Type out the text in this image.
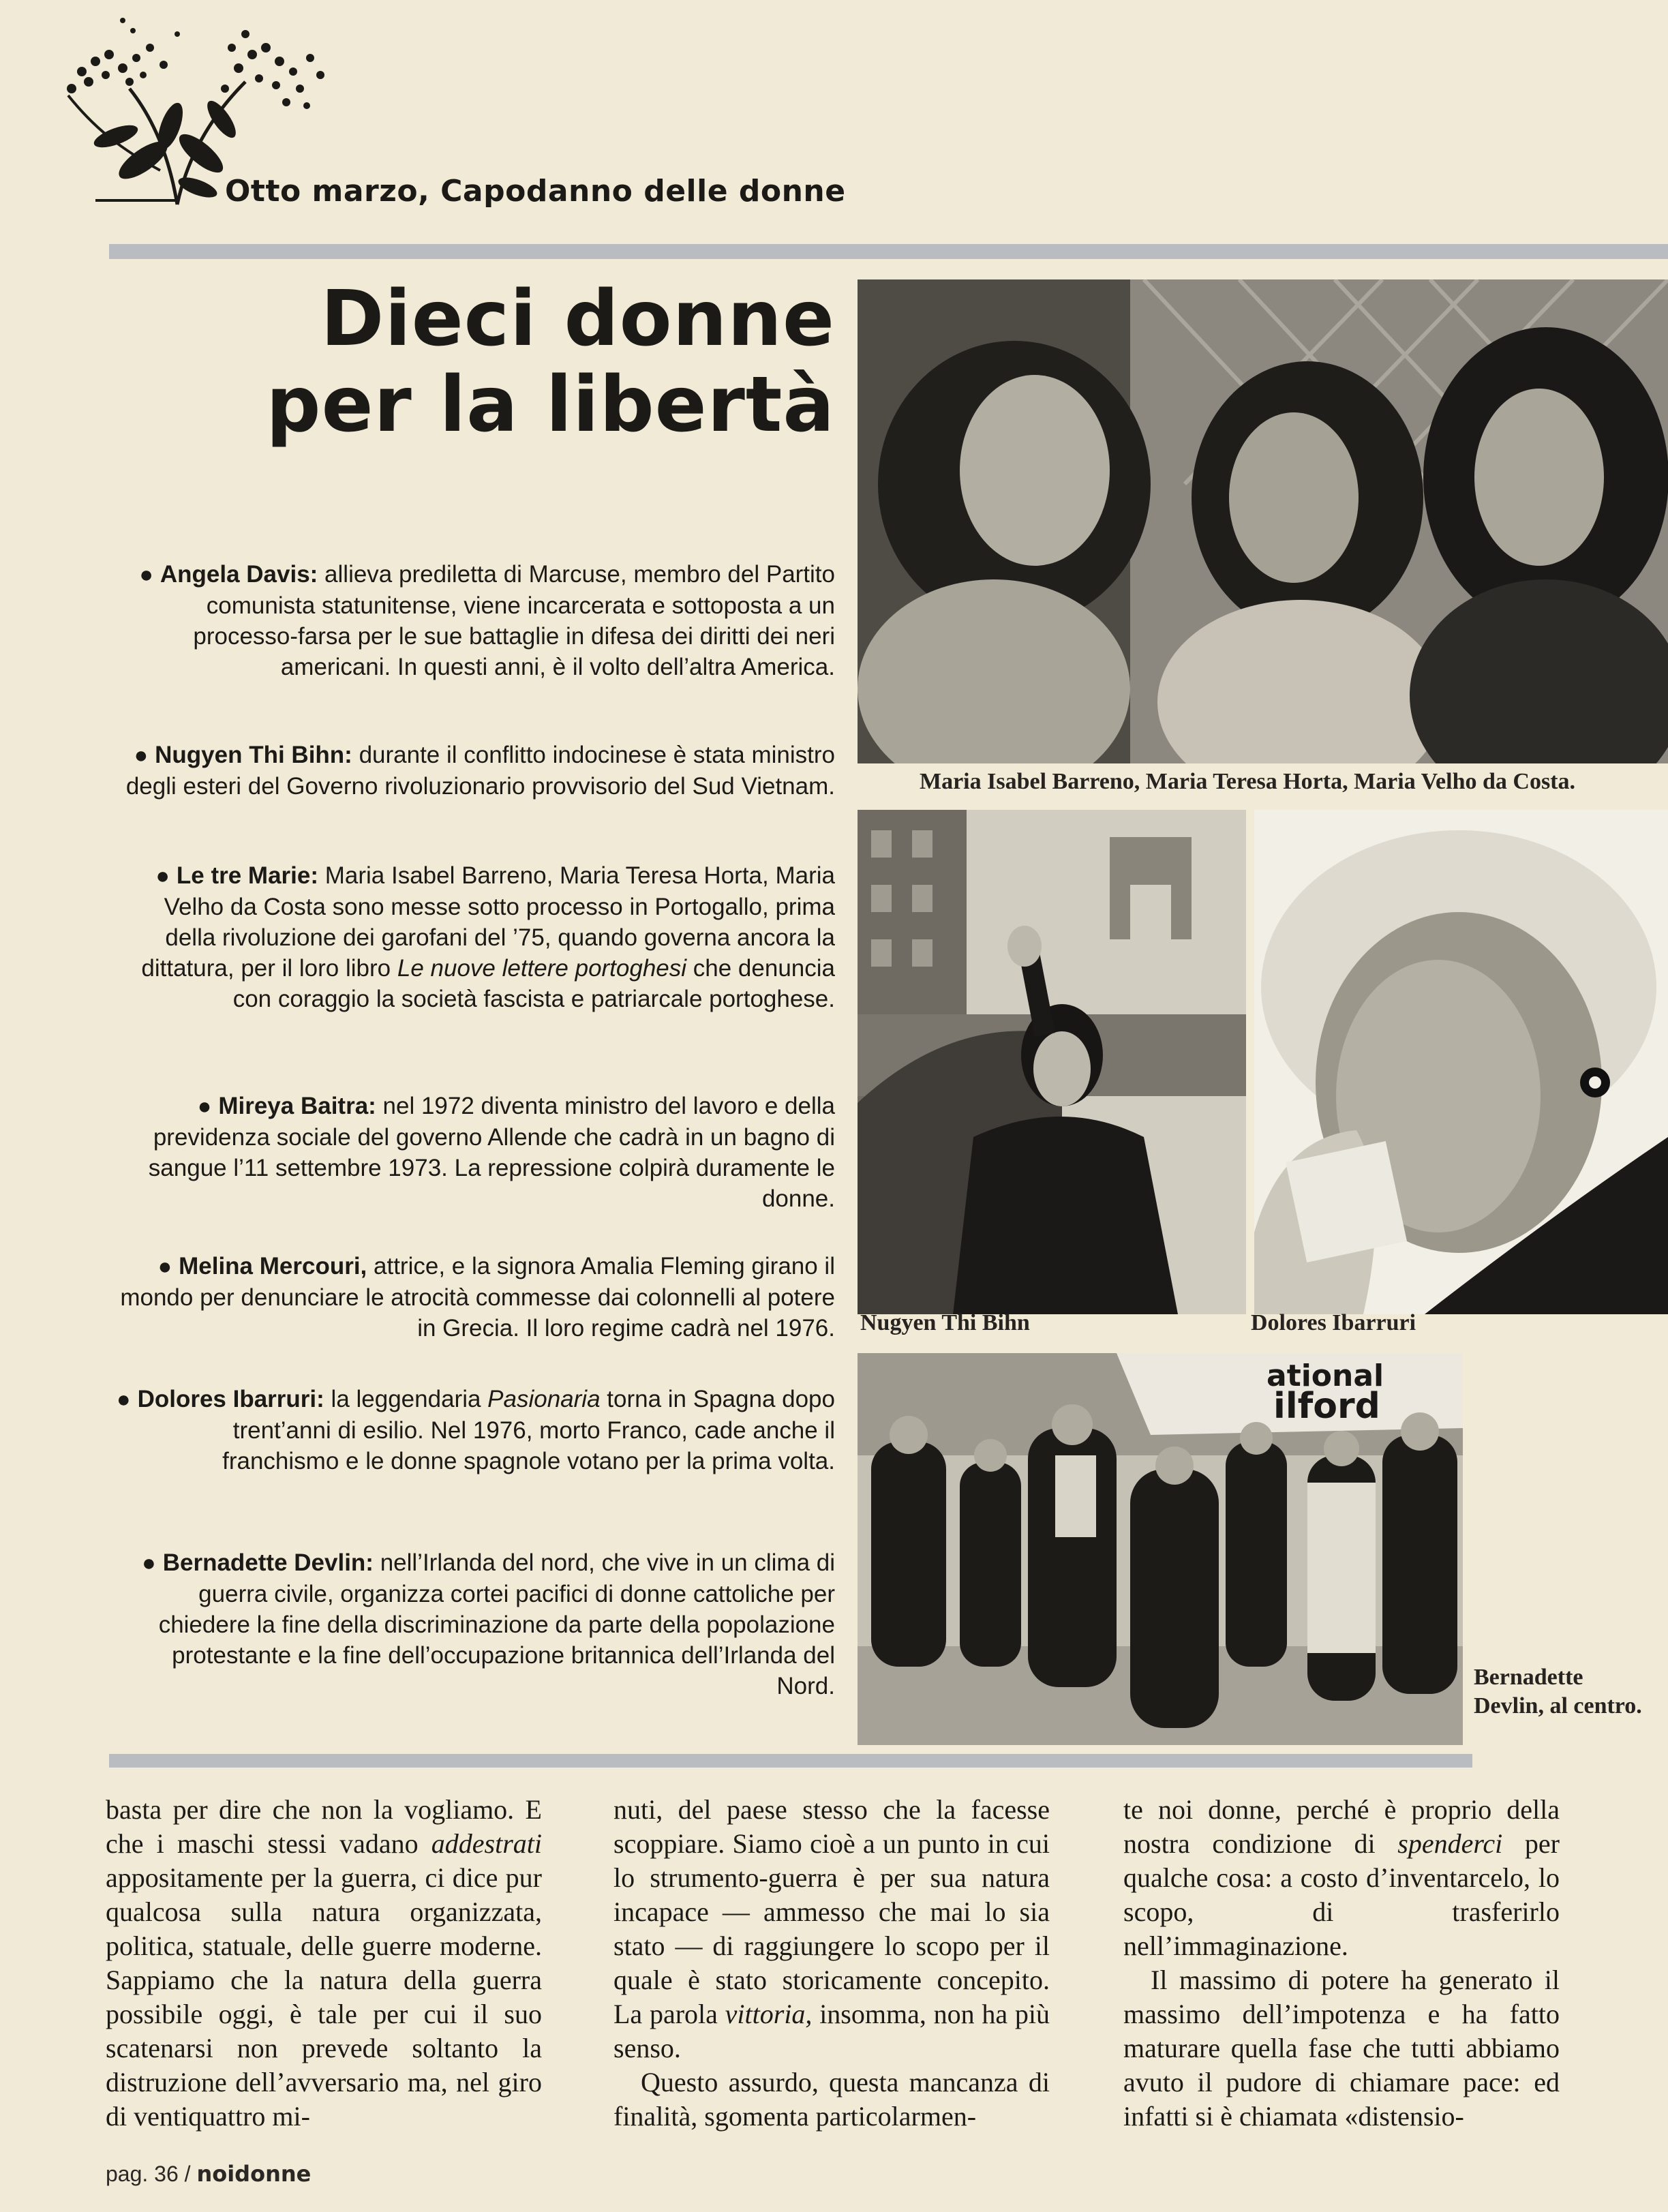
Otto marzo, Capodanno delle donne
Dieci donne
per la libertà
● Angela Davis: allieva prediletta di Marcuse, membro del Partito comunista statunitense, viene incarcerata e sottoposta a un processo-farsa per le sue battaglie in difesa dei diritti dei neri americani. In questi anni, è il volto dell’altra America.
● Nugyen Thi Bihn: durante il conflitto indocinese è stata ministro degli esteri del Governo rivoluzionario provvisorio del Sud Vietnam.
● Le tre Marie: Maria Isabel Barreno, Maria Teresa Horta, Maria Velho da Costa sono messe sotto processo in Portogallo, prima della rivoluzione dei garofani del ’75, quando governa ancora la dittatura, per il loro libro Le nuove lettere portoghesi che denuncia con coraggio la società fascista e patriarcale portoghese.
● Mireya Baitra: nel 1972 diventa ministro del lavoro e della previdenza sociale del governo Allende che cadrà in un bagno di sangue l’11 settembre 1973. La repressione colpirà duramente le donne.
● Melina Mercouri, attrice, e la signora Amalia Fleming girano il mondo per denunciare le atrocità commesse dai colonnelli al potere in Grecia. Il loro regime cadrà nel 1976.
● Dolores Ibarruri: la leggendaria Pasionaria torna in Spagna dopo trent’anni di esilio. Nel 1976, morto Franco, cade anche il franchismo e le donne spagnole votano per la prima volta.
● Bernadette Devlin: nell’Irlanda del nord, che vive in un clima di guerra civile, organizza cortei pacifici di donne cattoliche per chiedere la fine della discriminazione da parte della popolazione protestante e la fine dell’occupazione britannica dell’Irlanda del Nord.
Maria Isabel Barreno, Maria Teresa Horta, Maria Velho da Costa.
Nugyen Thi Bihn	Dolores Ibarruri
ational
ilford
Bernadette Devlin, al centro.

basta per dire che non la vogliamo. E che i maschi stessi vadano addestrati appositamente per la guerra, ci dice pur qualcosa sulla natura organizzata, politica, statuale, delle guerre moderne. Sappiamo che la natura della guerra possibile oggi, è tale per cui il suo scatenarsi non prevede soltanto la distruzione dell’avversario ma, nel giro di ventiquattro mi-

nuti, del paese stesso che la facesse scoppiare. Siamo cioè a un punto in cui lo strumento-guerra è per sua natura incapace — ammesso che mai lo sia stato — di raggiungere lo scopo per il quale è stato storicamente concepito. La parola vittoria, insomma, non ha più senso.

Questo assurdo, questa mancanza di finalità, sgomenta particolarmen-

te noi donne, perché è proprio della nostra condizione di spenderci per qualche cosa: a costo d’inventarcelo, lo scopo, di trasferirlo nell’immaginazione.

Il massimo di potere ha generato il massimo dell’impotenza e ha fatto maturare quella fase che tutti abbiamo avuto il pudore di chiamare pace: ed infatti si è chiamata «distensio-

pag. 36 / noidonne
